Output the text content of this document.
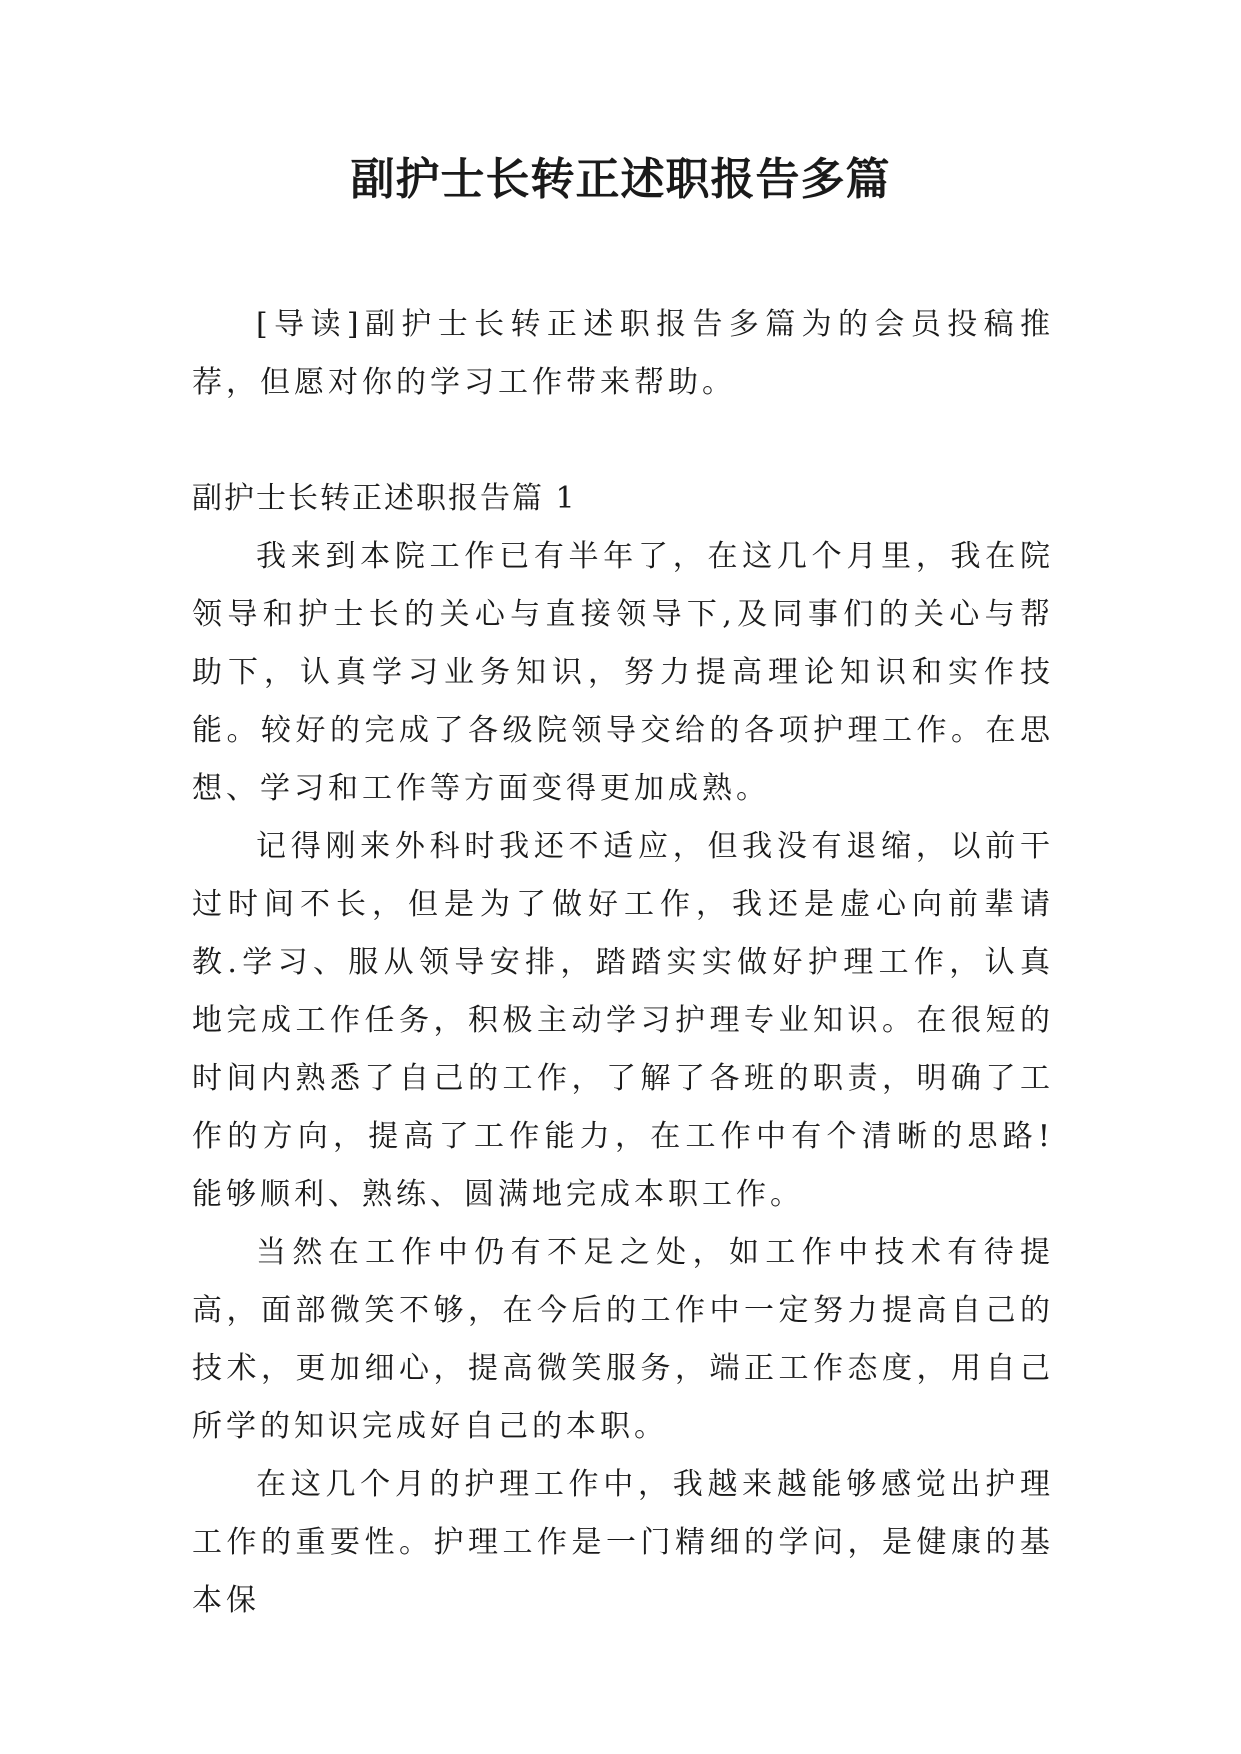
副护士长转正述职报告多篇

[导读]副护士长转正述职报告多篇为的会员投稿推荐，但愿对你的学习工作带来帮助。

副护士长转正述职报告篇 1

我来到本院工作已有半年了，在这几个月里，我在院领导和护士长的关心与直接领导下,及同事们的关心与帮助下，认真学习业务知识，努力提高理论知识和实作技能。较好的完成了各级院领导交给的各项护理工作。在思想、学习和工作等方面变得更加成熟。

记得刚来外科时我还不适应，但我没有退缩，以前干过时间不长，但是为了做好工作，我还是虚心向前辈请教.学习、服从领导安排，踏踏实实做好护理工作，认真地完成工作任务，积极主动学习护理专业知识。在很短的时间内熟悉了自己的工作，了解了各班的职责，明确了工作的方向，提高了工作能力，在工作中有个清晰的思路!能够顺利、熟练、圆满地完成本职工作。

当然在工作中仍有不足之处，如工作中技术有待提高，面部微笑不够，在今后的工作中一定努力提高自己的技术，更加细心，提高微笑服务，端正工作态度，用自己所学的知识完成好自己的本职。

在这几个月的护理工作中，我越来越能够感觉出护理工作的重要性。护理工作是一门精细的学问，是健康的基本保
